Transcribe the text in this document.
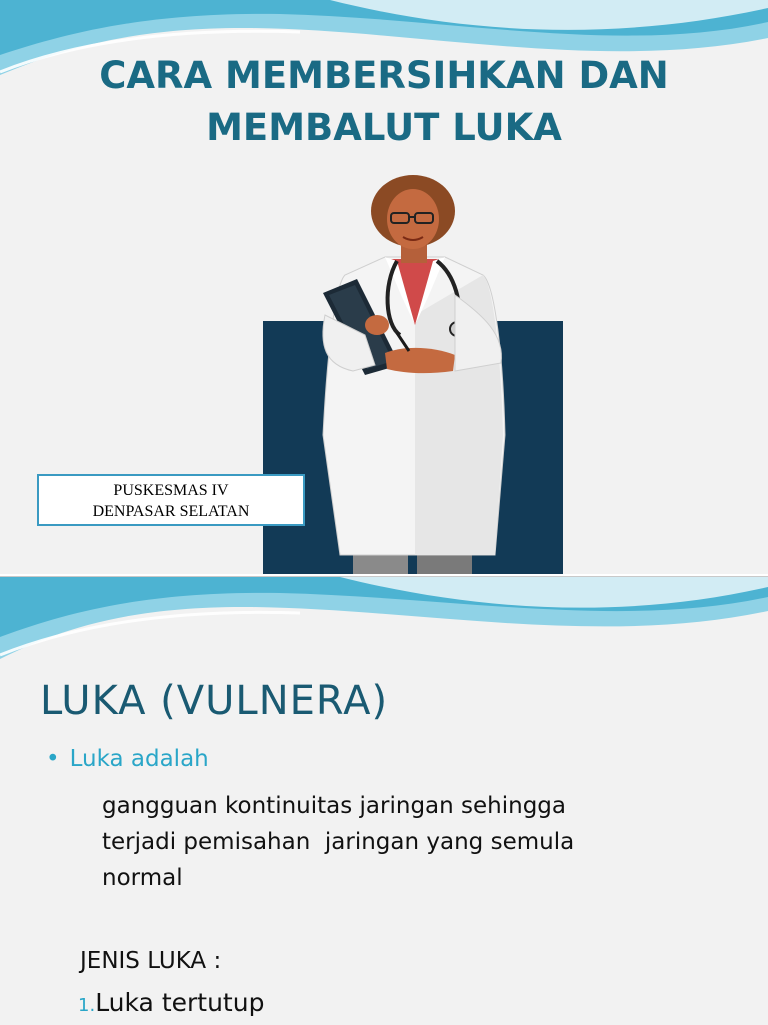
CARA MEMBERSIHKAN DAN
MEMBALUT LUKA
PUSKESMAS IV
DENPASAR SELATAN
LUKA (VULNERA)
• Luka adalah
gangguan kontinuitas jaringan sehingga
terjadi pemisahan  jaringan yang semula
normal
JENIS LUKA :
1.Luka tertutup
